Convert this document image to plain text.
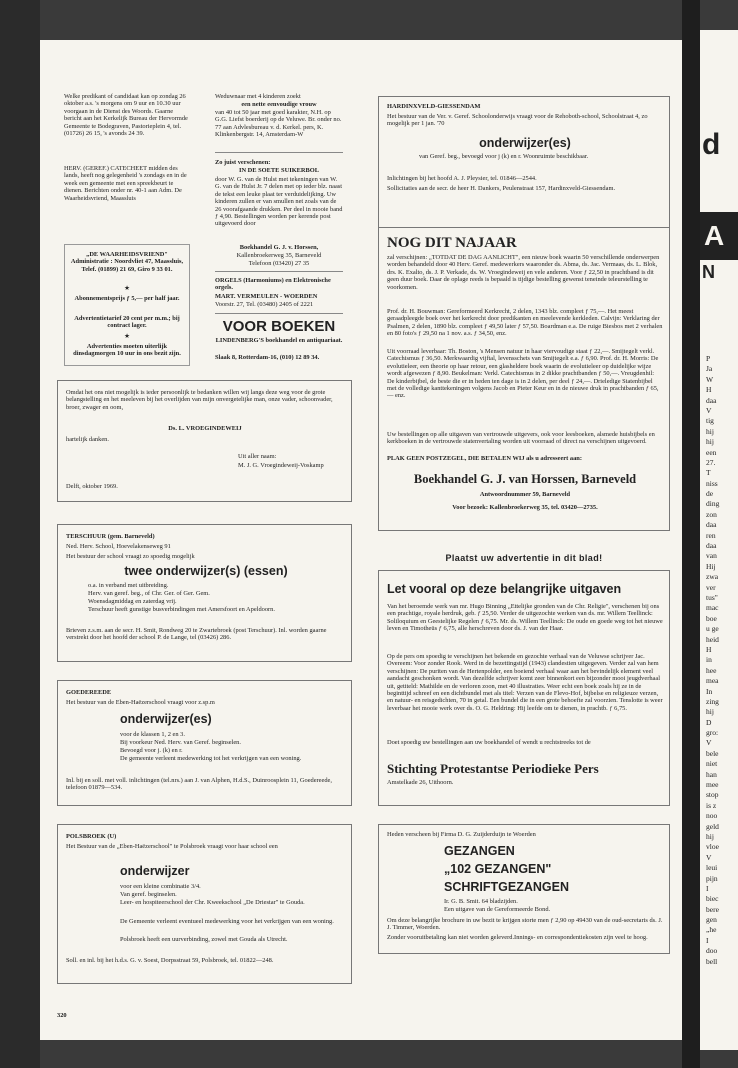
Welke predikant of candidaat kan op zondag 26 oktober a.s. 's morgens om 9 uur en 10.30 uur voorgaan in de Dienst des Woords. Gaarne bericht aan het Kerkelijk Bureau der Hervormde Gemeente te Bodegraven, Pastorieplein 4, tel. (01726) 26 15, 's avonds 24 39.
HERV. (GEREF.) CATECHEET midden des lands, heeft nog gelegenheid 's zondags en in de week een gemeente met een spreekbeurt te dienen. Berichten onder nr. 40-1 aan Adm. De Waarheidsvriend, Maassluis
„DE WAARHEIDSVRIEND" Administratie : Noordvliet 47, Maassluis, Telef. (01899) 21 69, Giro 9 33 01.
★
Abonnementsprijs ƒ 5,— per half jaar.
Advertentietarief 20 cent per m.m.; bij contract lager.
★
Advertenties moeten uiterlijk dinsdagmorgen 10 uur in ons bezit zijn.
Weduwnaar met 4 kinderen zoekt
een nette eenvoudige vrouw
van 40 tot 50 jaar met goed karakter, N.H. op G.G. Liefst boerderij op de Veluwe. Br. onder no. 77 aan Advlesbureau v. d. Kerkel. pers, K. Klinkenbergstr. 14, Amsterdam-W
Zo juist verschenen:
IN DE SOETE SUIKERBOL
door W. G. van de Hulst met tekeningen van W. G. van de Hulst Jr. 7 delen met op ieder blz. naast de tekst een leuke plaat ter verduidelijking. Uw kinderen zullen er van smullen net zoals van de 26 voorafgaande drukken. Per deel in mooie band ƒ 4,90. Bestellingen worden per kerende post uitgevoerd door
Boekhandel G. J. v. Horssen,
Kallenbroekerweg 35, Barneveld
Telefoon (03420) 27 35
ORGELS (Harmoniums) en Elektronische orgels.
MART. VERMEULEN - WOERDEN
Voorstr. 27, Tel. (03480) 2405 of 2221
VOOR BOEKEN
LINDENBERG'S boekhandel en antiquariaat.
Slaak 8, Rotterdam-16, (010) 12 89 34.
Omdat het ons niet mogelijk is ieder persoonlijk te bedanken willen wij langs deze weg voor de grote belangstelling en het meeleven bij het overlijden van mijn onvergetelijke man, onze vader, schoonvader, broer, zwager en oom,
Ds. L. VROEGINDEWEIJ
hartelijk danken.
Uit aller naam:
M. J. G. Vroegindeweij-Voskamp
Delft, oktober 1969.
TERSCHUUR (gem. Barneveld)
Ned. Herv. School, Hoevelakenseweg 91
Het bestuur der school vraagt zo spoedig mogelijk
twee onderwijzer(s) (essen)
o.a. in verband met uitbreiding.
Herv. van geref. beg., of Chr. Ger. of Ger. Gem.
Woensdagmiddag en zaterdag vrij.
Terschuur heeft gunstige busverbindingen met Amersfoort en Apeldoorn.
Brieven z.s.m. aan de secr. H. Smit, Rondweg 20 te Zwartebroek (post Terschuur). Inl. worden gaarne verstrekt door het hoofd der school P. de Lange, tel (03426) 286.
GOEDEREEDE
Het bestuur van de Eben-Haëzerschool vraagt voor z.sp.m
onderwijzer(es)
voor de klassen 1, 2 en 3.
Bij voorkeur Ned. Herv. van Geref. beginselen.
Bevoegd voor j. (k) en r.
De gemeente verleent medewerking tot het verkrijgen van een woning.
Inl. bij en soll. met voll. inlichtingen (tel.nrs.) aan J. van Alphen, H.d.S., Duinroosplein 11, Goedereede, telefoon 01879—534.
POLSBROEK (U)
Het Bestuur van de „Eben-Haëzerschool" te Polsbroek vraagt voor haar school een
onderwijzer
voor een kleine combinatie 3/4.
Van geref. beginselen.
Leer- en hospiteerschool der Chr. Kweekschool „De Driestar" te Gouda.
De Gemeente verleent eventueel medewerking voor het verkrijgen van een woning.
Polsbroek heeft een uurverbinding, zowel met Gouda als Utrecht.
Soll. en inl. bij het h.d.s. G. v. Soest, Dorpsstraat 59, Polsbroek, tel. 01822—248.
320
HARDINXVELD-GIESSENDAM
Het bestuur van de Ver. v. Geref. Schoolonderwijs vraagt voor de Rehoboth-school, Schoolstraat 4, zo mogelijk per 1 jan. '70
onderwijzer(es)
van Geref. beg., bevoegd voor j (k) en r. Woonruimte beschikbaar.
Inlichtingen bij het hoofd A. J. Pleysier, tel. 01846—2544.
Sollicitaties aan de secr. de heer H. Dankers, Peulenstraat 157, Hardinxveld-Giessendam.
NOG DIT NAJAAR
zal verschijnen: „TOTDAT DE DAG AANLICHT", een nieuw boek waarin 50 verschillende onderwerpen worden behandeld door 40 Herv. Geref. medewerkers waaronder ds. Abma, ds. Jac. Vermaas, ds. L. Blok, drs. K. Exalto, ds. J. P. Verkade, ds. W. Vroegindeweij en vele anderen. Voor ƒ 22,50 in prachtband is dit geen duur boek. Daar de oplage reeds is bepaald is tijdige bestelling gewenst teneinde teleurstelling te voorkomen.
Prof. dr. H. Bouwman: Gereformeerd Kerkrecht, 2 delen, 1343 blz. compleet ƒ 75,—. Het meest geraadpleegde boek over het kerkrecht door predikanten en meelevende kerkleden. Calvijn: Verklaring der Psalmen, 2 delen, 1890 blz. compleet ƒ 49,50 later ƒ 57,50. Boardman e.a. De ruige Biesbos met 2 verhalen en 80 foto's ƒ 29,50 na 1 nov. a.s. ƒ 34,50, enz.
Uit voorraad leverbaar: Th. Boston, 's Mensen natuur in haar viervoudige staat ƒ 22,—. Smijtegelt verkl. Catechismus ƒ 36,50. Merkwaardig vijftal, levensschets van Smijtegelt e.a. ƒ 6,90. Prof. dr. H. Morris: De evolutieleer, een theorie op haar retour, een glasheldere boek waarin de evolutieleer op duidelijke wijze wordt afgewezen ƒ 8,90. Beukelman: Verkl. Catechismus in 2 dikke prachtbanden ƒ 50,—. Vreugdenhil: De kinderbijbel, de beste die er in heden ten dage is in 2 delen, per deel ƒ 24,—. Drieledige Statenbijbel met de volledige kanttekeningen volgens Jacob en Pieter Keur en in de nieuwe druk in prachtbanden ƒ 65,— enz.
Uw bestellingen op alle uitgaven van vertrouwde uitgevers, ook voor leesboeken, alsmede huisbijbels en kerkboeken in de vertrouwde statenvertaling worden uit voorraad of direct na verschijnen uitgevoerd.
PLAK GEEN POSTZEGEL, DIE BETALEN WIJ als u adresseert aan:
Boekhandel G. J. van Horssen, Barneveld
Antwoordnummer 59, Barneveld
Voor bezoek: Kallenbroekerweg 35, tel. 03420—2735.
Plaatst uw advertentie in dit blad!
Let vooral op deze belangrijke uitgaven
Van het beroemde werk van mr. Hugo Binning „Ettelijke gronden van de Chr. Religie", verschenen bij ons een prachtige, royale herdruk, geb. ƒ 25,50. Verder de uitgezochte werken van ds. mr. Willem Teellinck: Soliloquium en Geestelijke Regelen ƒ 6,75. Mr. ds. Willem Teellinck: De oude en goede weg tot het nieuwe leven en Timotheüs ƒ 6,75, alle herschreven door ds. J. van der Haar.
Op de pers om spoedig te verschijnen het bekende en gezochte verhaal van de Veluwse schrijver Jac. Overeem: Voor zonder Rook. Werd in de bezettingstijd (1943) clandestien uitgegeven. Verder zal van hem verschijnen: De puriten van de Hertenpolder, een boeiend verhaal waar aan het bevindelijk element veel aandacht geschonken wordt. Van dezelfde schrijver komt zeer binnenkort een bijzonder mooi jeugdverhaal uit, getiteld: Mathilde en de verloren zoon, met 40 illustraties. Weer echt een boek zoals hij ze in de beginttijd schreef en een dichtbundel met als titel: Verzen van de Flevo-Hof, bijbelse en religieuze verzen, en natuur- en reisgedichten, 70 in getal. Een bundel die in een grote behoefte zal voorzien. Tenslotte is weer leverbaar het mooie werk over ds. O. G. Heldring: Hij leefde om te dienen, in prachtb. ƒ 6,75.
Doet spoedig uw bestellingen aan uw boekhandel of wendt u rechtstreeks tot de
Stichting Protestantse Periodieke Pers
Amstelkade 26, Uithoorn.
Heden verscheen bij Firma D. G. Zuijderduijn te Woerden
GEZANGEN
„102 GEZANGEN"
SCHRIFTGEZANGEN
Ir. G. B. Smit. 64 bladzijden.
Een uitgave van de Gereformeerde Bond.
Om deze belangrijke brochure in uw bezit te krijgen storte men ƒ 2,90 op 49430 van de oud-secretaris ds. J. J. Timmer, Woerden.
Zonder vooruitbetaling kan niet worden geleverd.Innings- en correspondentiekosten zijn veel te hoog.
d
A
N
P
Ja
W
H
daa
V
tig
hij
hij
een
27.
T
niss
de
ding
zon
daa
ren
daa
van
Hij
zwa
ver
tus"
mac
boe
u ge
heid
H
in
hee
mea
In
zing
hij
D
gro:
V
bele
niet
han
mee
stop
is z
noo
geld
hij
vloe
V
leui
pijn
I
biec
bere
gen
„he
I
doo
bell
